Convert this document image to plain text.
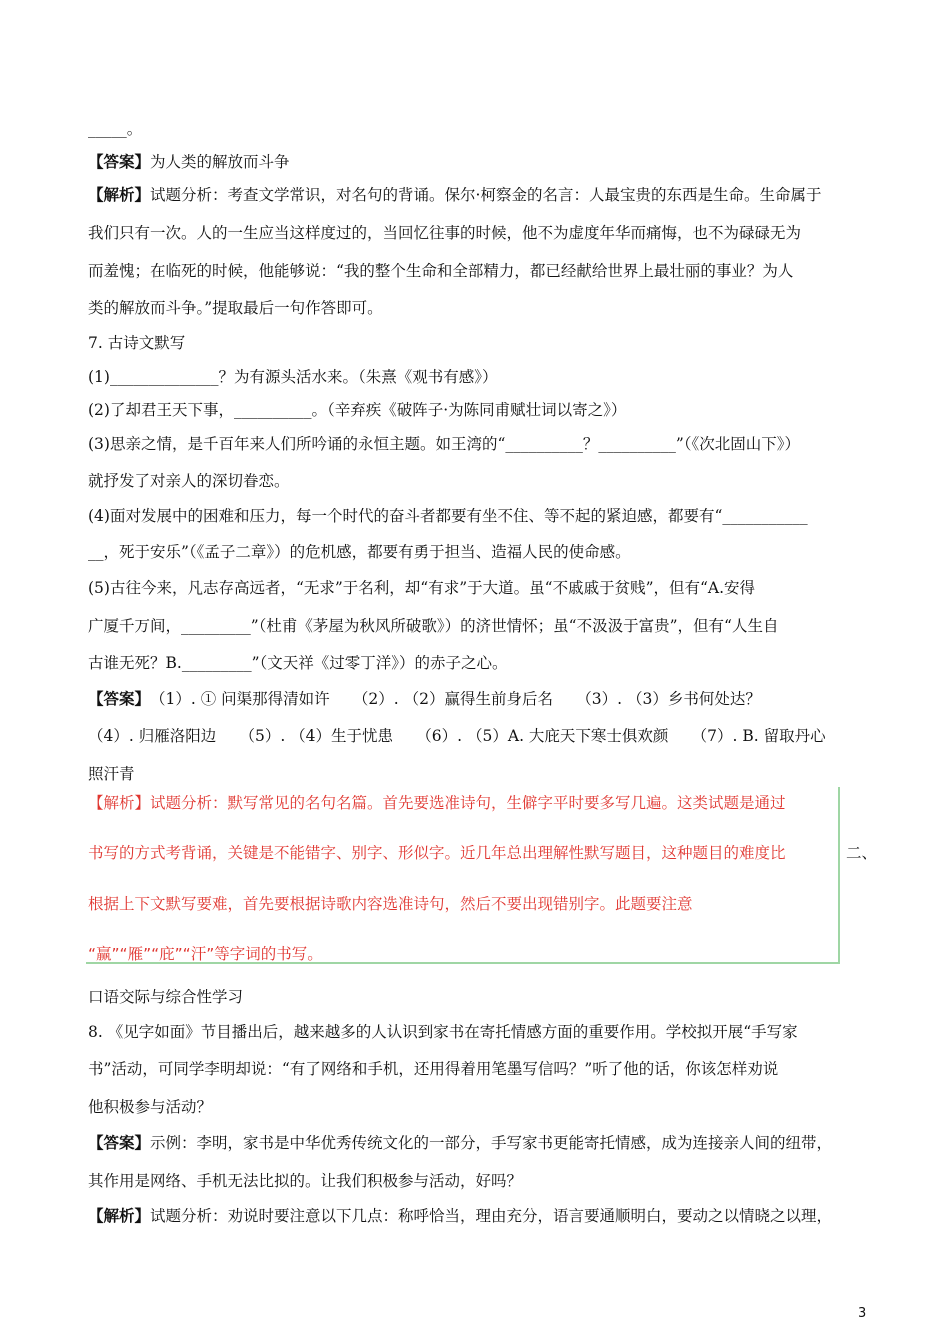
_____。
【答案】为人类的解放而斗争
【解析】试题分析：考查文学常识，对名句的背诵。保尔·柯察金的名言：人最宝贵的东西是生命。生命属于
我们只有一次。人的一生应当这样度过的，当回忆往事的时候，他不为虚度年华而痛悔，也不为碌碌无为
而羞愧；在临死的时候，他能够说：“我的整个生命和全部精力，都已经献给世界上最壮丽的事业？为人
类的解放而斗争。”提取最后一句作答即可。
7. 古诗文默写
(1)______________？为有源头活水来。（朱熹《观书有感》）
(2)了却君王天下事，__________。（辛弃疾《破阵子·为陈同甫赋壮词以寄之》）
(3)思亲之情，是千百年来人们所吟诵的永恒主题。如王湾的“__________？__________”（《次北固山下》）
就抒发了对亲人的深切眷恋。
(4)面对发展中的困难和压力，每一个时代的奋斗者都要有坐不住、等不起的紧迫感，都要有“___________
__，死于安乐”（《孟子二章》）的危机感，都要有勇于担当、造福人民的使命感。
(5)古往今来，凡志存高远者，“无求”于名利，却“有求”于大道。虽“不戚戚于贫贱”，但有“A.安得
广厦千万间，_________”（杜甫《茅屋为秋风所破歌》）的济世情怀；虽“不汲汲于富贵”，但有“人生自
古谁无死？B._________”（文天祥《过零丁洋》）的赤子之心。
【答案】　（1）. ① 问渠那得清如许　　（2）. （2）赢得生前身后名　　（3）. （3）乡书何处达？
（4）. 归雁洛阳边　　（5）. （4）生于忧患　　（6）. （5）A. 大庇天下寒士俱欢颜　　（7）. B. 留取丹心
照汗青
【解析】试题分析：默写常见的名句名篇。首先要选准诗句，生僻字平时要多写几遍。这类试题是通过
书写的方式考背诵，关键是不能错字、别字、形似字。近几年总出理解性默写题目，这种题目的难度比
根据上下文默写要难，首先要根据诗歌内容选准诗句，然后不要出现错别字。此题要注意
“赢”“雁”“庇”“汗”等字词的书写。
二、
口语交际与综合性学习
8. 《见字如面》节目播出后，越来越多的人认识到家书在寄托情感方面的重要作用。学校拟开展“手写家
书”活动，可同学李明却说：“有了网络和手机，还用得着用笔墨写信吗？”听了他的话，你该怎样劝说
他积极参与活动？
【答案】示例：李明，家书是中华优秀传统文化的一部分，手写家书更能寄托情感，成为连接亲人间的纽带，
其作用是网络、手机无法比拟的。让我们积极参与活动，好吗？
【解析】试题分析：劝说时要注意以下几点：称呼恰当，理由充分，语言要通顺明白，要动之以情晓之以理，
3
